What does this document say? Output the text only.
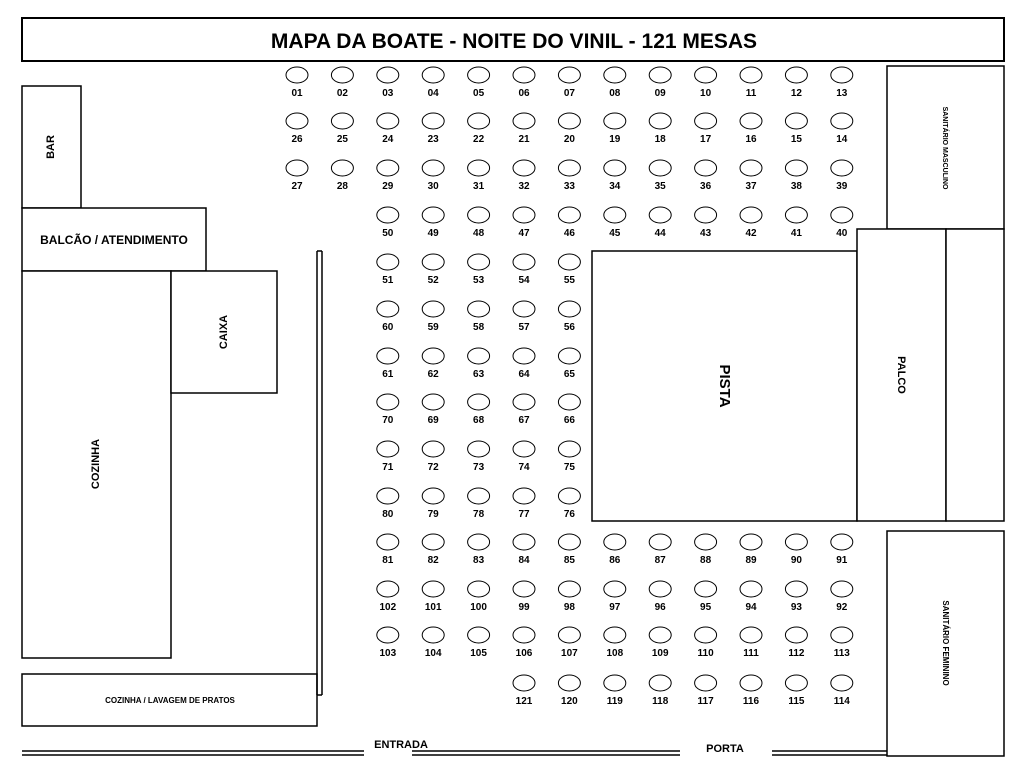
MAPA DA BOATE - NOITE DO VINIL - 121 MESAS
BAR
BALCÃO / ATENDIMENTO
COZINHA
CAIXA
COZINHA / LAVAGEM DE PRATOS
SANITÁRIO MASCULINO
PISTA	PALCO
SANITÁRIO FEMININO
ENTRADA	PORTA
01	02	03	04	05	06	07	08	09	10	11	12	13
26	25	24	23	22	21	20	19	18	17	16	15	14
27	28	29	30	31	32	33	34	35	36	37	38	39
50	49	48	47	46	45	44	43	42	41	40
51	52	53	54	55
60	59	58	57	56
61	62	63	64	65
70	69	68	67	66
71	72	73	74	75
80	79	78	77	76
81	82	83	84	85	86	87	88	89	90	91
102	101	100	99	98	97	96	95	94	93	92
103	104	105	106	107	108	109	110	111	112	113
121	120	119	118	117	116	115	114
